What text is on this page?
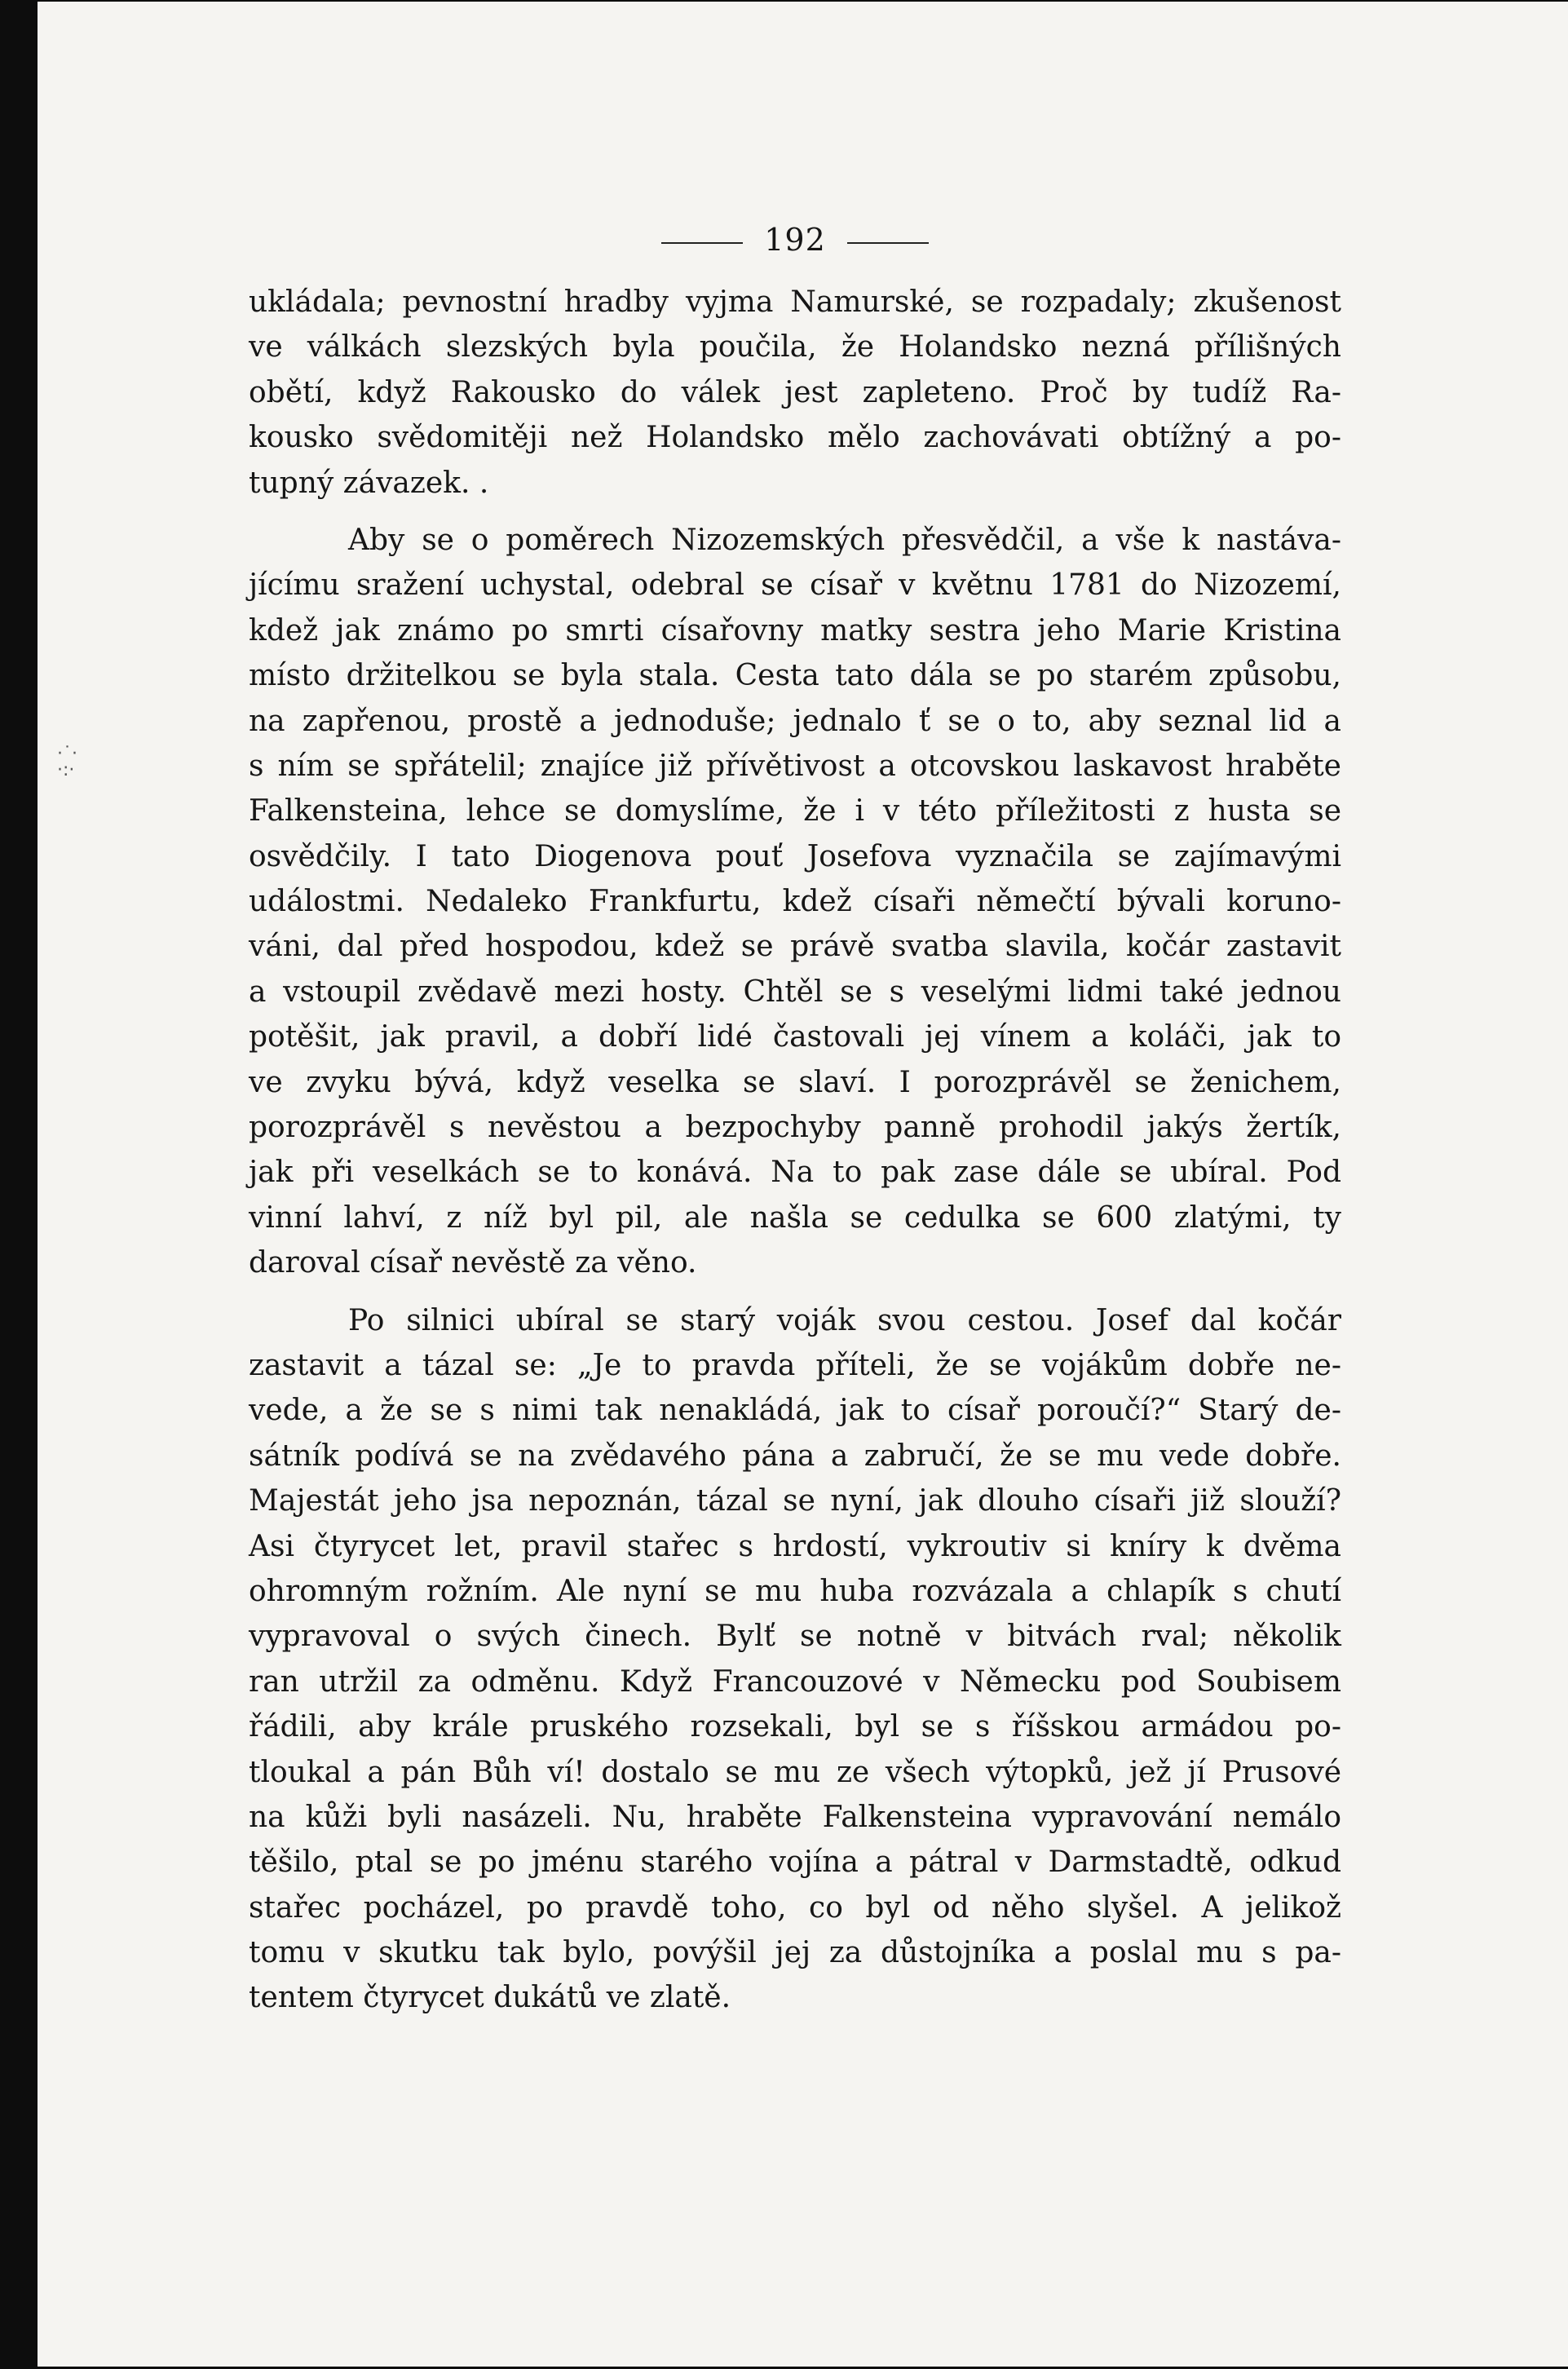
·˙·
·:·
192
ukládala; pevnostní hradby vyjma Namurské, se rozpadaly; zkušenost
ve válkách slezských byla poučila, že Holandsko nezná přílišných
obětí, když Rakousko do válek jest zapleteno. Proč by tudíž Ra-
kousko svědomitěji než Holandsko mělo zachovávati obtížný a po-
tupný závazek. .
Aby se o poměrech Nizozemských přesvědčil, a vše k nastáva-
jícímu sražení uchystal, odebral se císař v květnu 1781 do Nizozemí,
kdež jak známo po smrti císařovny matky sestra jeho Marie Kristina
místo držitelkou se byla stala. Cesta tato dála se po starém způsobu,
na zapřenou, prostě a jednoduše; jednalo ť se o to, aby seznal lid a
s ním se spřátelil; znajíce již přívětivost a otcovskou laskavost hraběte
Falkensteina, lehce se domyslíme, že i v této příležitosti z husta se
osvědčily. I tato Diogenova pouť Josefova vyznačila se zajímavými
událostmi. Nedaleko Frankfurtu, kdež císaři němečtí bývali koruno-
váni, dal před hospodou, kdež se právě svatba slavila, kočár zastavit
a vstoupil zvědavě mezi hosty. Chtěl se s veselými lidmi také jednou
potěšit, jak pravil, a dobří lidé častovali jej vínem a koláči, jak to
ve zvyku bývá, když veselka se slaví. I porozprávěl se ženichem,
porozprávěl s nevěstou a bezpochyby panně prohodil jakýs žertík,
jak při veselkách se to konává. Na to pak zase dále se ubíral. Pod
vinní lahví, z níž byl pil, ale našla se cedulka se 600 zlatými, ty
daroval císař nevěstě za věno.
Po silnici ubíral se starý voják svou cestou. Josef dal kočár
zastavit a tázal se: „Je to pravda příteli, že se vojákům dobře ne-
vede, a že se s nimi tak nenakládá, jak to císař poroučí?“ Starý de-
sátník podívá se na zvědavého pána a zabručí, že se mu vede dobře.
Majestát jeho jsa nepoznán, tázal se nyní, jak dlouho císaři již slouží?
Asi čtyrycet let, pravil stařec s hrdostí, vykroutiv si kníry k dvěma
ohromným rožním. Ale nyní se mu huba rozvázala a chlapík s chutí
vypravoval o svých činech. Bylť se notně v bitvách rval; několik
ran utržil za odměnu. Když Francouzové v Německu pod Soubisem
řádili, aby krále pruského rozsekali, byl se s říšskou armádou po-
tloukal a pán Bůh ví! dostalo se mu ze všech výtopků, jež jí Prusové
na kůži byli nasázeli. Nu, hraběte Falkensteina vypravování nemálo
těšilo, ptal se po jménu starého vojína a pátral v Darmstadtě, odkud
stařec pocházel, po pravdě toho, co byl od něho slyšel. A jelikož
tomu v skutku tak bylo, povýšil jej za důstojníka a poslal mu s pa-
tentem čtyrycet dukátů ve zlatě.
